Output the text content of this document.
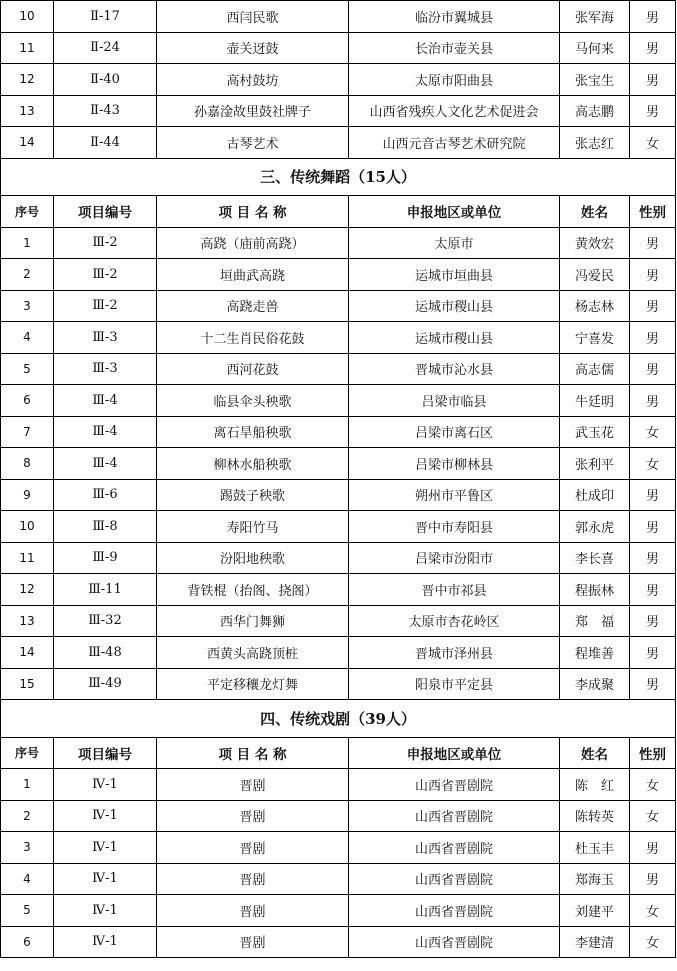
10	Ⅱ-17	西闫民歌	临汾市翼城县	张军海	男
11	Ⅱ-24	壶关迓鼓	长治市壶关县	马何来	男
12	Ⅱ-40	高村鼓坊	太原市阳曲县	张宝生	男
13	Ⅱ-43	孙嘉淦故里鼓社牌子	山西省残疾人文化艺术促进会	高志鹏	男
14	Ⅱ-44	古琴艺术	山西元音古琴艺术研究院	张志红	女
三、传统舞蹈（15人）					
序号	项目编号	项 目 名 称	申报地区或单位	姓名	性别
1	Ⅲ-2	高跷（庙前高跷）	太原市	黄效宏	男
2	Ⅲ-2	垣曲武高跷	运城市垣曲县	冯爱民	男
3	Ⅲ-2	高跷走兽	运城市稷山县	杨志林	男
4	Ⅲ-3	十二生肖民俗花鼓	运城市稷山县	宁喜发	男
5	Ⅲ-3	西河花鼓	晋城市沁水县	高志儒	男
6	Ⅲ-4	临县伞头秧歌	吕梁市临县	牛廷明	男
7	Ⅲ-4	离石旱船秧歌	吕梁市离石区	武玉花	女
8	Ⅲ-4	柳林水船秧歌	吕梁市柳林县	张利平	女
9	Ⅲ-6	踢鼓子秧歌	朔州市平鲁区	杜成印	男
10	Ⅲ-8	寿阳竹马	晋中市寿阳县	郭永虎	男
11	Ⅲ-9	汾阳地秧歌	吕梁市汾阳市	李长喜	男
12	Ⅲ-11	背铁棍（抬阁、挠阁）	晋中市祁县	程振林	男
13	Ⅲ-32	西华门舞狮	太原市杏花岭区	郑　福	男
14	Ⅲ-48	西黄头高跷顶桩	晋城市泽州县	程堆善	男
15	Ⅲ-49	平定移穰龙灯舞	阳泉市平定县	李成聚	男
四、传统戏剧（39人）					
序号	项目编号	项 目 名 称	申报地区或单位	姓名	性别
1	Ⅳ-1	晋剧	山西省晋剧院	陈　红	女
2	Ⅳ-1	晋剧	山西省晋剧院	陈转英	女
3	Ⅳ-1	晋剧	山西省晋剧院	杜玉丰	男
4	Ⅳ-1	晋剧	山西省晋剧院	郑海玉	男
5	Ⅳ-1	晋剧	山西省晋剧院	刘建平	女
6	Ⅳ-1	晋剧	山西省晋剧院	李建清	女
